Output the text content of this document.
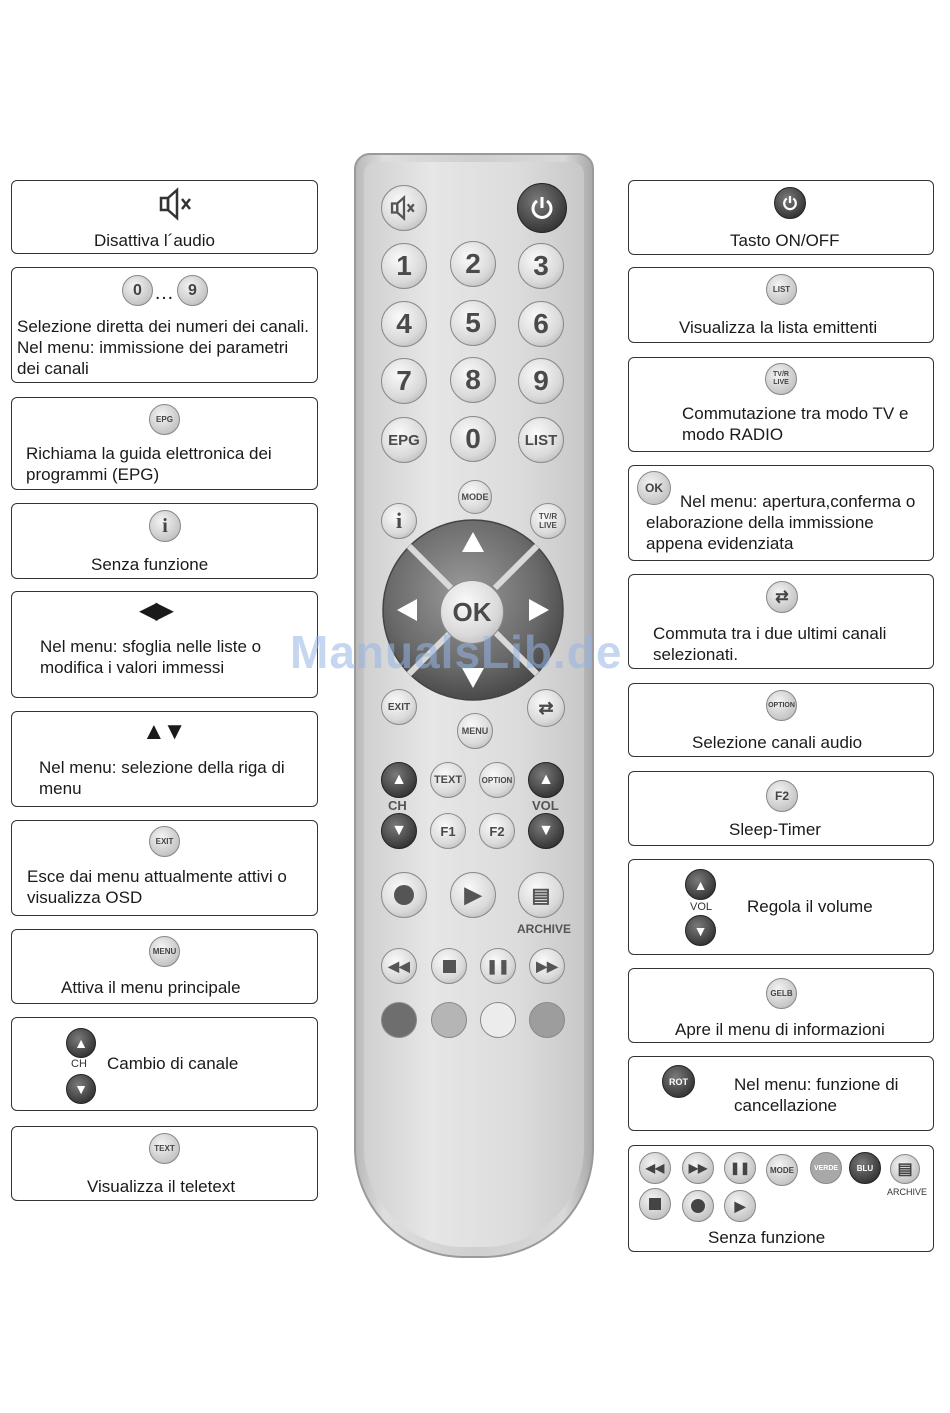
Disattiva l´audio
0 … 9
Selezione diretta dei numeri dei canali. Nel menu: immissione dei parametri dei canali
EPG
Richiama la guida elettronica dei programmi (EPG)
i
Senza funzione
◀▶
Nel menu: sfoglia nelle liste o modifica i valori immessi
▲▼
Nel menu: selezione della riga di menu
EXIT
Esce dai menu attualmente attivi o visualizza OSD
MENU
Attiva il menu principale
▲
CH
▼
Cambio di canale
TEXT
Visualizza il teletext
1	2	3
4	5	6
7	8	9
EPG	0	LIST
MODE
i	TV/R LIVE
OK
EXIT	⇄
MENU
▲	TEXT	OPTION	▲
CH	VOL
▼	F1	F2	▼
▶	▤
ARCHIVE
◀◀	❚❚	▶▶
Tasto ON/OFF
LIST
Visualizza la lista emittenti
TV/R LIVE
Commutazione tra modo TV e modo RADIO
OK
Nel menu: apertura,conferma o elaborazione della immissione appena evidenziata
⇄
Commuta tra i due ultimi canali selezionati.
OPTION
Selezione canali audio
F2
Sleep-Timer
▲
VOL
▼
Regola il volume
GELB
Apre il menu di informazioni
ROT	Nel menu: funzione di cancellazione
◀◀	▶▶	❚❚	MODE	VERDE	BLU	▤
ARCHIVE
▶
Senza funzione
ManualsLib.de
